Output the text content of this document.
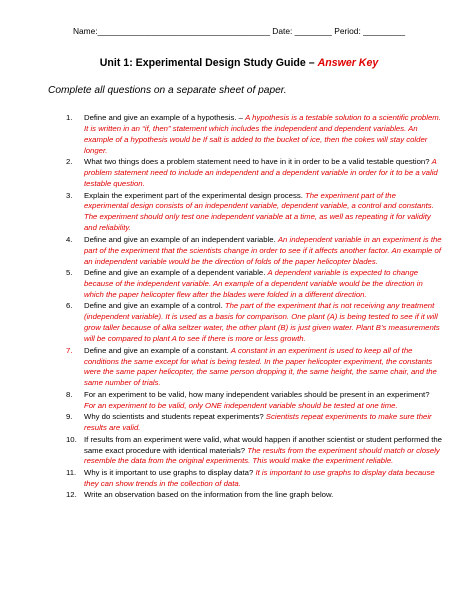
Name:_____________________________________ Date: ________ Period: _________
Unit 1: Experimental Design Study Guide – Answer Key
Complete all questions on a separate sheet of paper.
1. Define and give an example of a hypothesis. – A hypothesis is a testable solution to a scientific problem. It is written in an “if, then” statement which includes the independent and dependent variables. An example of a hypothesis would be If salt is added to the bucket of ice, then the cokes will stay colder longer.
2. What two things does a problem statement need to have in it in order to be a valid testable question? A problem statement need to include an independent and a dependent variable in order for it to be a valid testable question.
3. Explain the experiment part of the experimental design process. The experiment part of the experimental design consists of an independent variable, dependent variable, a control and constants. The experiment should only test one independent variable at a time, as well as repeating it for validity and reliability.
4. Define and give an example of an independent variable. An independent variable in an experiment is the part of the experiment that the scientists change in order to see if it affects another factor. An example of an independent variable would be the direction of folds of the paper helicopter blades.
5. Define and give an example of a dependent variable. A dependent variable is expected to change because of the independent variable. An example of a dependent variable would be the direction in which the paper helicopter flew after the blades were folded in a different direction.
6. Define and give an example of a control. The part of the experiment that is not receiving any treatment (independent variable). It is used as a basis for comparison. One plant (A) is being tested to see if it will grow taller because of alka seltzer water, the other plant (B) is just given water. Plant B’s measurements will be compared to plant A to see if there is more or less growth.
7. Define and give an example of a constant. A constant in an experiment is used to keep all of the conditions the same except for what is being tested. In the paper helicopter experiment, the constants were the same paper helicopter, the same person dropping it, the same height, the same chair, and the same number of trials.
8. For an experiment to be valid, how many independent variables should be present in an experiment? For an experiment to be valid, only ONE independent variable should be tested at one time.
9. Why do scientists and students repeat experiments? Scientists repeat experiments to make sure their results are valid.
10. If results from an experiment were valid, what would happen if another scientist or student performed the same exact procedure with identical materials? The results from the experiment should match or closely resemble the data from the original experiments. This would make the experiment reliable.
11. Why is it important to use graphs to display data? It is important to use graphs to display data because they can show trends in the collection of data.
12. Write an observation based on the information from the line graph below.
